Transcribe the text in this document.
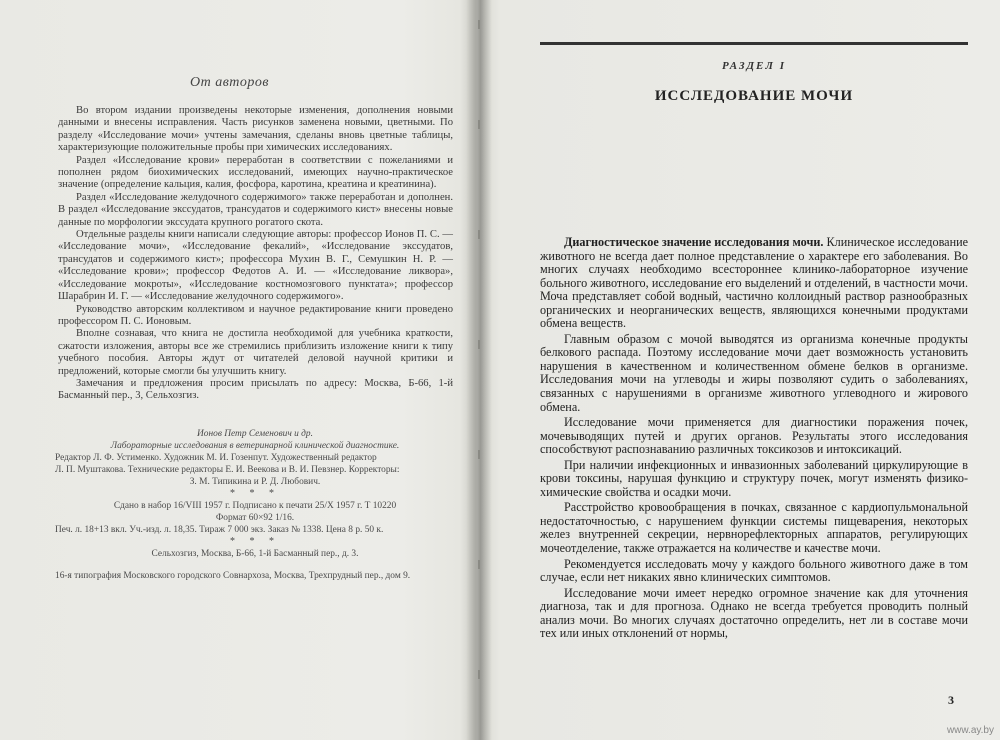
От авторов

Во втором издании произведены некоторые изменения, дополнения новыми данными и внесены исправления. Часть рисунков заменена новыми, цветными. По разделу «Исследование мочи» учтены замечания, сделаны вновь цветные таблицы, характеризующие положительные пробы при химических исследованиях.

Раздел «Исследование крови» переработан в соответствии с пожеланиями и пополнен рядом биохимических исследований, имеющих научно-практическое значение (определение кальция, калия, фосфора, каротина, креатина и креатинина).

Раздел «Исследование желудочного содержимого» также переработан и дополнен. В раздел «Исследование экссудатов, трансудатов и содержимого кист» внесены новые данные по морфологии экссудата крупного рогатого скота.

Отдельные разделы книги написали следующие авторы: профессор Ионов П. С. — «Исследование мочи», «Исследование фекалий», «Исследование экссудатов, трансудатов и содержимого кист»; профессора Мухин В. Г., Семушкин Н. Р. — «Исследование крови»; профессор Федотов А. И. — «Исследование ликвора», «Исследование мокроты», «Исследование костномозгового пунктата»; профессор Шарабрин И. Г. — «Исследование желудочного содержимого».

Руководство авторским коллективом и научное редактирование книги проведено профессором П. С. Ионовым.

Вполне сознавая, что книга не достигла необходимой для учебника краткости, сжатости изложения, авторы все же стремились приблизить изложение книги к типу учебного пособия. Авторы ждут от читателей деловой научной критики и предложений, которые смогли бы улучшить книгу.

Замечания и предложения просим присылать по адресу: Москва, Б-66, 1-й Басманный пер., 3, Сельхозгиз.

Ионов Петр Семенович и др.
Лабораторные исследования в ветеринарной клинической диагностике.
Редактор Л. Ф. Устименко. Художник М. И. Гозенпут. Художественный редактор
Л. П. Муштакова. Технические редакторы Е. И. Веекова и В. И. Певзнер. Корректоры:
З. М. Типикина и Р. Д. Любович.
* * *
Сдано в набор 16/VIII 1957 г. Подписано к печати 25/X 1957 г. Т 10220
Формат 60×92 1/16.
Печ. л. 18+13 вкл. Уч.-изд. л. 18,35. Тираж 7 000 экз. Заказ № 1338. Цена 8 р. 50 к.
* * *
Сельхозгиз, Москва, Б-66, 1-й Басманный пер., д. 3.
16-я типография Московского городского Совнархоза, Москва, Трехпрудный пер., дом 9.
РАЗДЕЛ I
ИССЛЕДОВАНИЕ МОЧИ

Диагностическое значение исследования мочи. Клиническое исследование животного не всегда дает полное представление о характере его заболевания. Во многих случаях необходимо всестороннее клинико-лабораторное изучение больного животного, исследование его выделений и отделений, в частности мочи. Моча представляет собой водный, частично коллоидный раствор разнообразных органических и неорганических веществ, являющихся конечными продуктами обмена веществ.

Главным образом с мочой выводятся из организма конечные продукты белкового распада. Поэтому исследование мочи дает возможность установить нарушения в качественном и количественном обмене белков в организме. Исследования мочи на углеводы и жиры позволяют судить о заболеваниях, связанных с нарушениями в организме животного углеводного и жирового обмена.

Исследование мочи применяется для диагностики поражения почек, мочевыводящих путей и других органов. Результаты этого исследования способствуют распознаванию различных токсикозов и интоксикаций.

При наличии инфекционных и инвазионных заболеваний циркулирующие в крови токсины, нарушая функцию и структуру почек, могут изменять физико-химические свойства и осадки мочи.

Расстройство кровообращения в почках, связанное с кардиопульмональной недостаточностью, с нарушением функции системы пищеварения, некоторых желез внутренней секреции, нервнорефлекторных аппаратов, регулирующих мочеотделение, также отражается на количестве и качестве мочи.

Рекомендуется исследовать мочу у каждого больного животного даже в том случае, если нет никаких явно клинических симптомов.

Исследование мочи имеет нередко огромное значение как для уточнения диагноза, так и для прогноза. Однако не всегда требуется проводить полный анализ мочи. Во многих случаях достаточно определить, нет ли в составе мочи тех или иных отклонений от нормы,

3
www.ay.by
